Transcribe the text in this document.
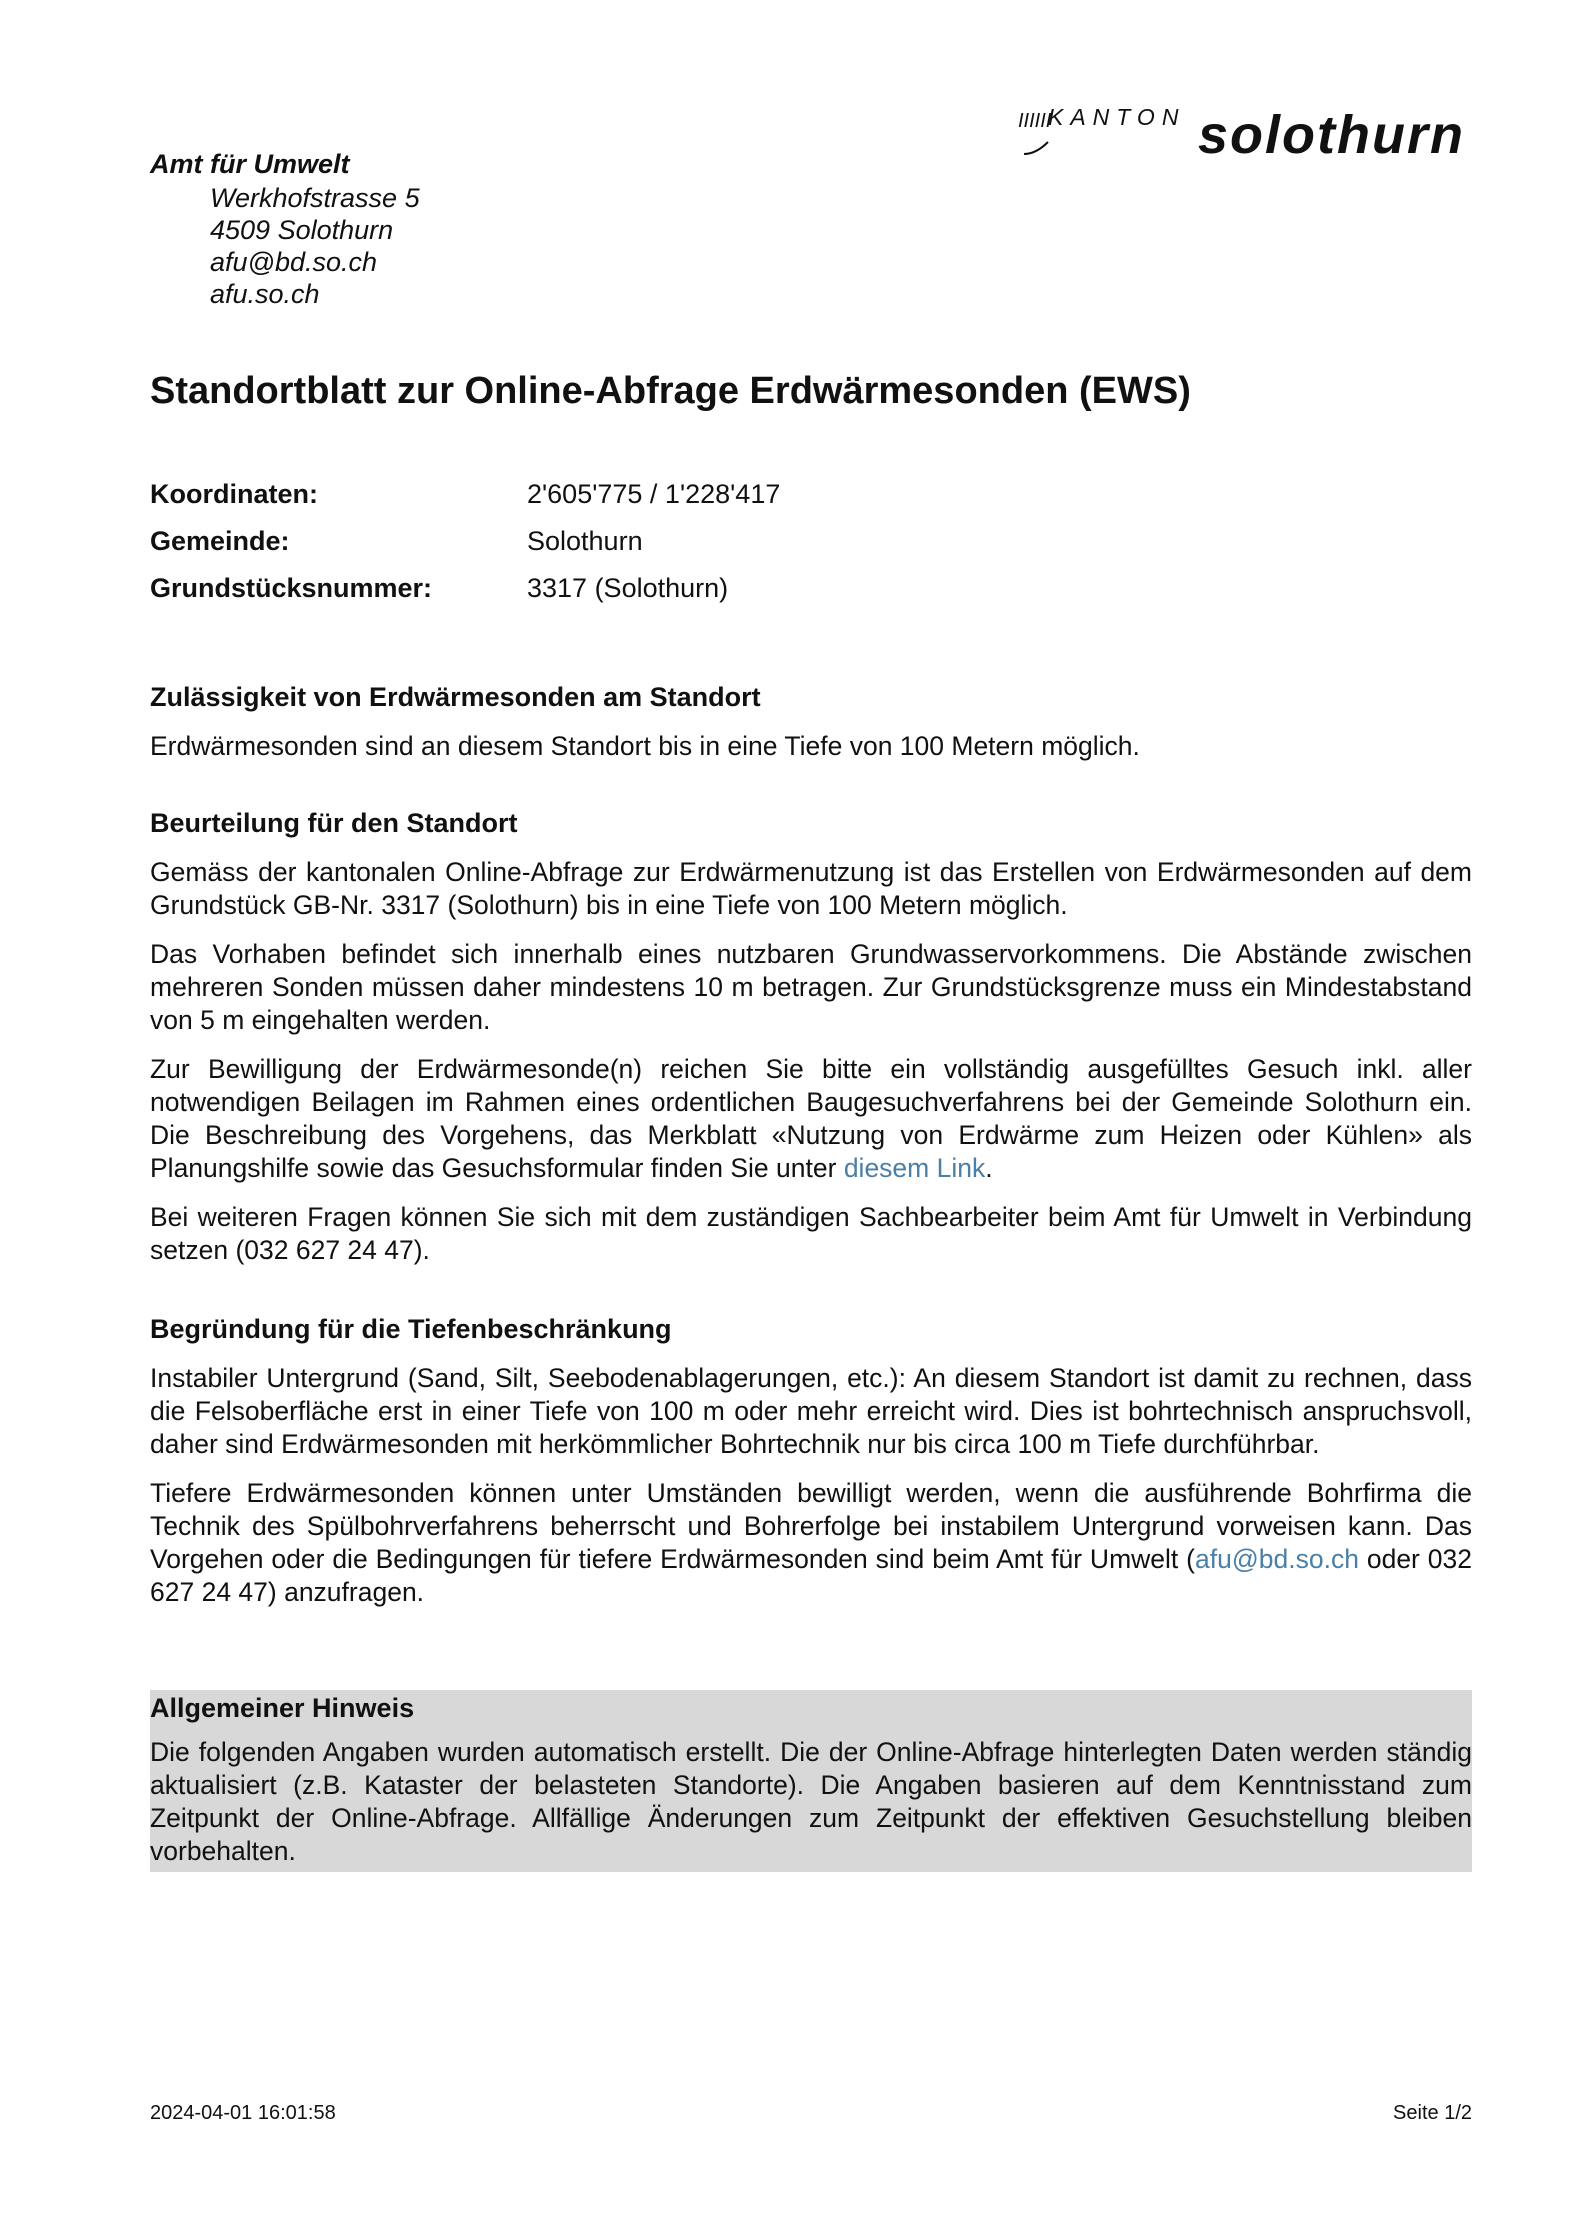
IIIIII
KANTON solothurn
Amt für Umwelt
Werkhofstrasse 5
4509 Solothurn
afu@bd.so.ch
afu.so.ch
Standortblatt zur Online-Abfrage Erdwärmesonden (EWS)
Koordinaten:	2'605'775 / 1'228'417
Gemeinde:	Solothurn
Grundstücksnummer:	3317 (Solothurn)
Zulässigkeit von Erdwärmesonden am Standort

Erdwärmesonden sind an diesem Standort bis in eine Tiefe von 100 Metern möglich.

Beurteilung für den Standort

Gemäss der kantonalen Online-Abfrage zur Erdwärmenutzung ist das Erstellen von Erdwärmesonden auf dem Grundstück GB-Nr. 3317 (Solothurn) bis in eine Tiefe von 100 Metern möglich.

Das Vorhaben befindet sich innerhalb eines nutzbaren Grundwasservorkommens. Die Abstände zwischen mehreren Sonden müssen daher mindestens 10 m betragen. Zur Grundstücksgrenze muss ein Mindestabstand von 5 m eingehalten werden.

Zur Bewilligung der Erdwärmesonde(n) reichen Sie bitte ein vollständig ausgefülltes Gesuch inkl. aller notwendigen Beilagen im Rahmen eines ordentlichen Baugesuchverfahrens bei der Gemeinde Solothurn ein. Die Beschreibung des Vorgehens, das Merkblatt «Nutzung von Erdwärme zum Heizen oder Kühlen» als Planungshilfe sowie das Gesuchsformular finden Sie unter diesem Link.

Bei weiteren Fragen können Sie sich mit dem zuständigen Sachbearbeiter beim Amt für Umwelt in Verbindung setzen (032 627 24 47).

Begründung für die Tiefenbeschränkung

Instabiler Untergrund (Sand, Silt, Seebodenablagerungen, etc.): An diesem Standort ist damit zu rechnen, dass die Felsoberfläche erst in einer Tiefe von 100 m oder mehr erreicht wird. Dies ist bohrtechnisch anspruchsvoll, daher sind Erdwärmesonden mit herkömmlicher Bohrtechnik nur bis circa 100 m Tiefe durchführbar.

Tiefere Erdwärmesonden können unter Umständen bewilligt werden, wenn die ausführende Bohrfirma die Technik des Spülbohrverfahrens beherrscht und Bohrerfolge bei instabilem Untergrund vorweisen kann. Das Vorgehen oder die Bedingungen für tiefere Erdwärmesonden sind beim Amt für Umwelt (afu@bd.so.ch oder 032 627 24 47) anzufragen.

Allgemeiner Hinweis

Die folgenden Angaben wurden automatisch erstellt. Die der Online-Abfrage hinterlegten Daten werden ständig aktualisiert (z.B. Kataster der belasteten Standorte). Die Angaben basieren auf dem Kenntnisstand zum Zeitpunkt der Online-Abfrage. Allfällige Änderungen zum Zeitpunkt der effektiven Gesuchstellung bleiben vorbehalten.

2024-04-01 16:01:58	Seite 1/2
